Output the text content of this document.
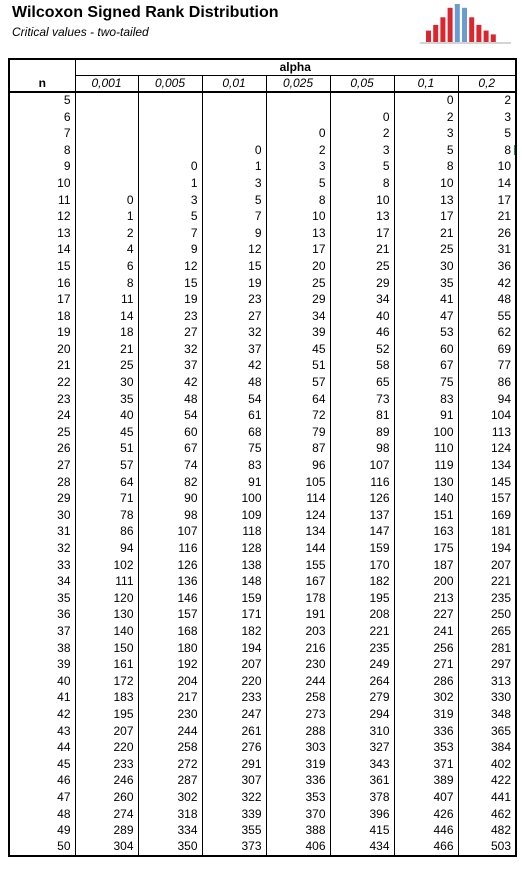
Wilcoxon Signed Rank Distribution
Critical values - two-tailed
	alpha						
n	0,001	0,005	0,01	0,025	0,05	0,1	0,2
5						0	2
6					0	2	3
7				0	2	3	5
8			0	2	3	5	8
9		0	1	3	5	8	10
10		1	3	5	8	10	14
11	0	3	5	8	10	13	17
12	1	5	7	10	13	17	21
13	2	7	9	13	17	21	26
14	4	9	12	17	21	25	31
15	6	12	15	20	25	30	36
16	8	15	19	25	29	35	42
17	11	19	23	29	34	41	48
18	14	23	27	34	40	47	55
19	18	27	32	39	46	53	62
20	21	32	37	45	52	60	69
21	25	37	42	51	58	67	77
22	30	42	48	57	65	75	86
23	35	48	54	64	73	83	94
24	40	54	61	72	81	91	104
25	45	60	68	79	89	100	113
26	51	67	75	87	98	110	124
27	57	74	83	96	107	119	134
28	64	82	91	105	116	130	145
29	71	90	100	114	126	140	157
30	78	98	109	124	137	151	169
31	86	107	118	134	147	163	181
32	94	116	128	144	159	175	194
33	102	126	138	155	170	187	207
34	111	136	148	167	182	200	221
35	120	146	159	178	195	213	235
36	130	157	171	191	208	227	250
37	140	168	182	203	221	241	265
38	150	180	194	216	235	256	281
39	161	192	207	230	249	271	297
40	172	204	220	244	264	286	313
41	183	217	233	258	279	302	330
42	195	230	247	273	294	319	348
43	207	244	261	288	310	336	365
44	220	258	276	303	327	353	384
45	233	272	291	319	343	371	402
46	246	287	307	336	361	389	422
47	260	302	322	353	378	407	441
48	274	318	339	370	396	426	462
49	289	334	355	388	415	446	482
50	304	350	373	406	434	466	503
